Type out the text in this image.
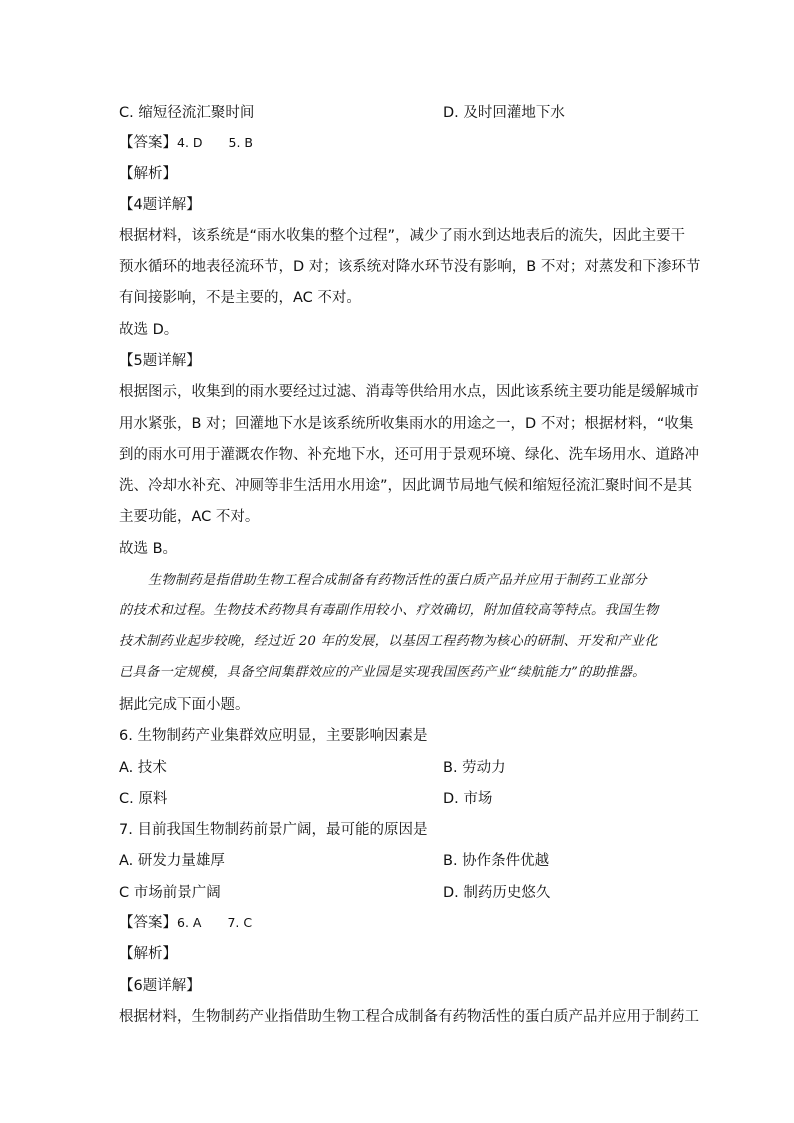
C. 缩短径流汇聚时间	D. 及时回灌地下水
【答案】4. D 5. B
【解析】
【4题详解】
根据材料，该系统是“雨水收集的整个过程”，减少了雨水到达地表后的流失，因此主要干
预水循环的地表径流环节，D 对；该系统对降水环节没有影响，B 不对；对蒸发和下渗环节
有间接影响，不是主要的，AC 不对。
故选 D。
【5题详解】
根据图示，收集到的雨水要经过过滤、消毒等供给用水点，因此该系统主要功能是缓解城市
用水紧张，B 对；回灌地下水是该系统所收集雨水的用途之一，D 不对；根据材料，“收集
到的雨水可用于灌溉农作物、补充地下水，还可用于景观环境、绿化、洗车场用水、道路冲
洗、冷却水补充、冲厕等非生活用水用途”，因此调节局地气候和缩短径流汇聚时间不是其
主要功能，AC 不对。
故选 B。
生物制药是指借助生物工程合成制备有药物活性的蛋白质产品并应用于制药工业部分
的技术和过程。生物技术药物具有毒副作用较小、疗效确切，附加值较高等特点。我国生物
技术制药业起步较晚，经过近 20 年的发展，以基因工程药物为核心的研制、开发和产业化
已具备一定规模，具备空间集群效应的产业园是实现我国医药产业“续航能力”的助推器。
据此完成下面小题。
6. 生物制药产业集群效应明显，主要影响因素是
A. 技术	B. 劳动力
C. 原料	D. 市场
7. 目前我国生物制药前景广阔，最可能的原因是
A. 研发力量雄厚	B. 协作条件优越
C 市场前景广阔	D. 制药历史悠久
【答案】6. A 7. C
【解析】
【6题详解】
根据材料，生物制药产业指借助生物工程合成制备有药物活性的蛋白质产品并应用于制药工
